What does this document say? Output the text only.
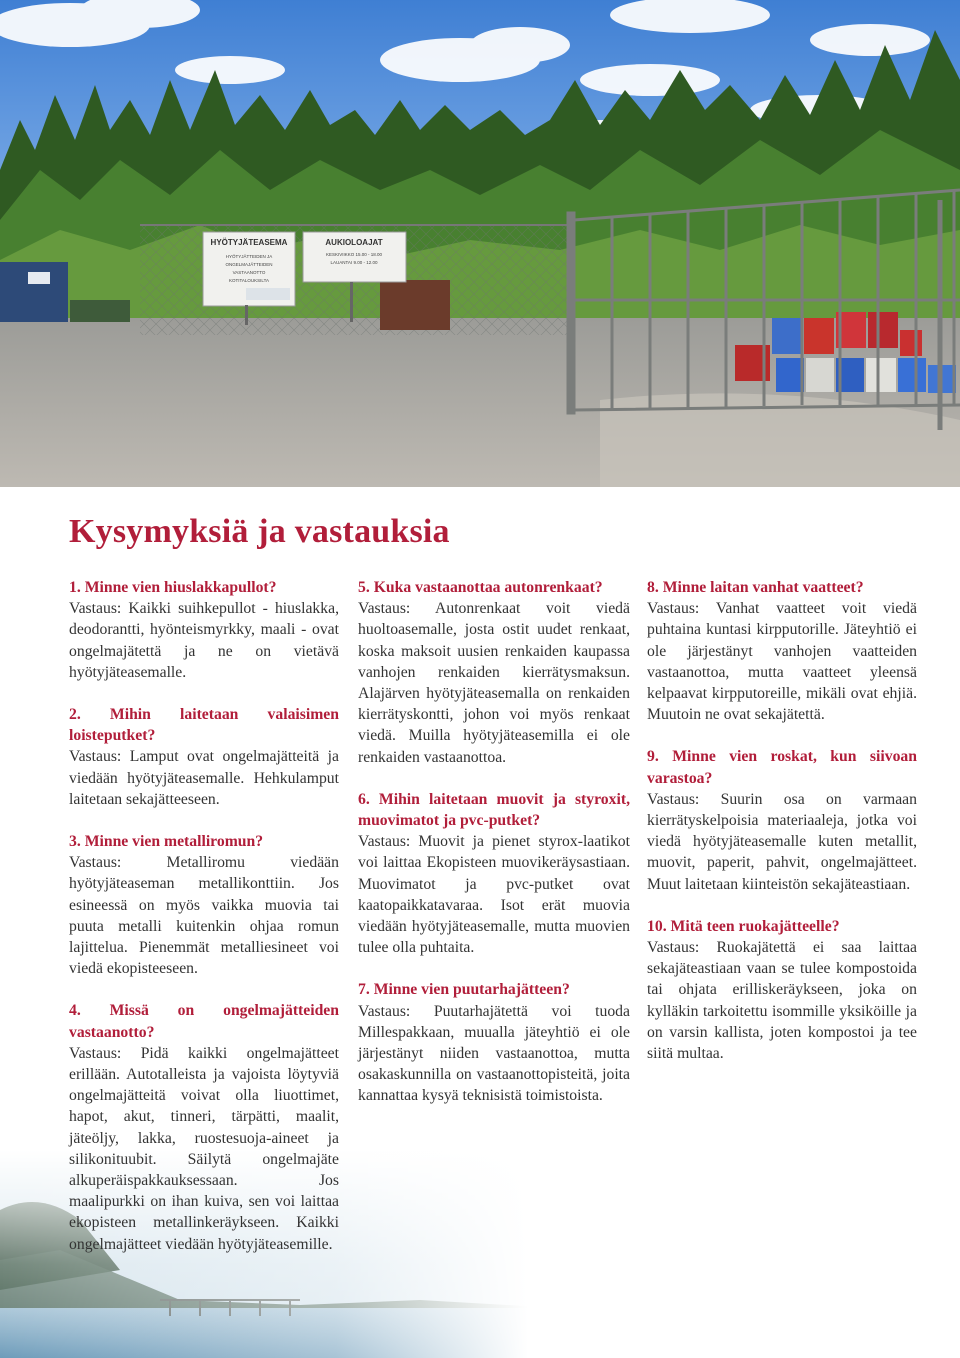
HYÖTYJÄTEASEMA
HYÖTYJÄTTEIDEN JA
ONGELMAJÄTTEIDEN
VASTAANOTTO
KOTITALOUKSILTA
AUKIOLOAJAT
KESKIVIIKKO 15.00 - 18.00
LAUANTAI 9.00 - 12.00
Kysymyksiä ja vastauksia

1. Minne vien hiuslakkapullot?
Vastaus: Kaikki suihkepullot - hiuslakka, deodorantti, hyönteismyrkky, maali - ovat ongelmajätettä ja ne on vietävä hyötyjäteasemalle.

2. Mihin laitetaan valaisimen loisteputket?
Vastaus: Lamput ovat ongelmajätteitä ja viedään hyötyjäteasemalle. Hehkulamput laitetaan sekajätteeseen.

3. Minne vien metalliromun?
Vastaus: Metalliromu viedään hyötyjäteaseman metallikonttiin. Jos esineessä on myös vaikka muovia tai puuta metalli kuitenkin ohjaa romun lajittelua. Pienemmät metalliesineet voi viedä ekopisteeseen.

4. Missä on ongelmajätteiden vastaanotto?
Vastaus: Pidä kaikki ongelmajätteet erillään. Autotalleista ja vajoista löytyviä ongelmajätteitä voivat olla liuottimet, hapot, akut, tinneri, tärpätti, maalit, jäteöljy, lakka, ruostesuoja-aineet ja silikonituubit. Säilytä ongelmajäte alkuperäispakkauksessaan. Jos maalipurkki on ihan kuiva, sen voi laittaa ekopisteen metallinkeräykseen. Kaikki ongelmajätteet viedään hyötyjäteasemille.

5. Kuka vastaanottaa autonrenkaat?
Vastaus: Autonrenkaat voit viedä huoltoasemalle, josta ostit uudet renkaat, koska maksoit uusien renkaiden kaupassa vanhojen renkaiden kierrätysmaksun. Alajärven hyötyjäteasemalla on renkaiden kierrätyskontti, johon voi myös renkaat viedä. Muilla hyötyjäteasemilla ei ole renkaiden vastaanottoa.

6. Mihin laitetaan muovit ja styroxit, muovimatot ja pvc-putket?
Vastaus: Muovit ja pienet styrox-laatikot voi laittaa Ekopisteen muovikeräysastiaan. Muovimatot ja pvc-putket ovat kaatopaikkatavaraa. Isot erät muovia viedään hyötyjäteasemalle, mutta muovien tulee olla puhtaita.

7. Minne vien puutarhajätteen?
Vastaus: Puutarhajätettä voi tuoda Millespakkaan, muualla jäteyhtiö ei ole järjestänyt niiden vastaanottoa, mutta osakaskunnilla on vastaanottopisteitä, joita kannattaa kysyä teknisistä toimistoista.

8. Minne laitan vanhat vaatteet?
Vastaus: Vanhat vaatteet voit viedä puhtaina kuntasi kirpputorille. Jäteyhtiö ei ole järjestänyt vanhojen vaatteiden vastaanottoa, mutta vaatteet yleensä kelpaavat kirpputoreille, mikäli ovat ehjiä. Muutoin ne ovat sekajätettä.

9. Minne vien roskat, kun siivoan varastoa?
Vastaus: Suurin osa on varmaan kierrätyskelpoisia materiaaleja, jotka voi viedä hyötyjäteasemalle kuten metallit, muovit, paperit, pahvit, ongelmajätteet. Muut laitetaan kiinteistön sekajäteastiaan.

10. Mitä teen ruokajätteelle?
Vastaus: Ruokajätettä ei saa laittaa sekajäteastiaan vaan se tulee kompostoida tai ohjata erilliskeräykseen, joka on kylläkin tarkoitettu isommille yksiköille ja on varsin kallista, joten kompostoi ja tee siitä multaa.
